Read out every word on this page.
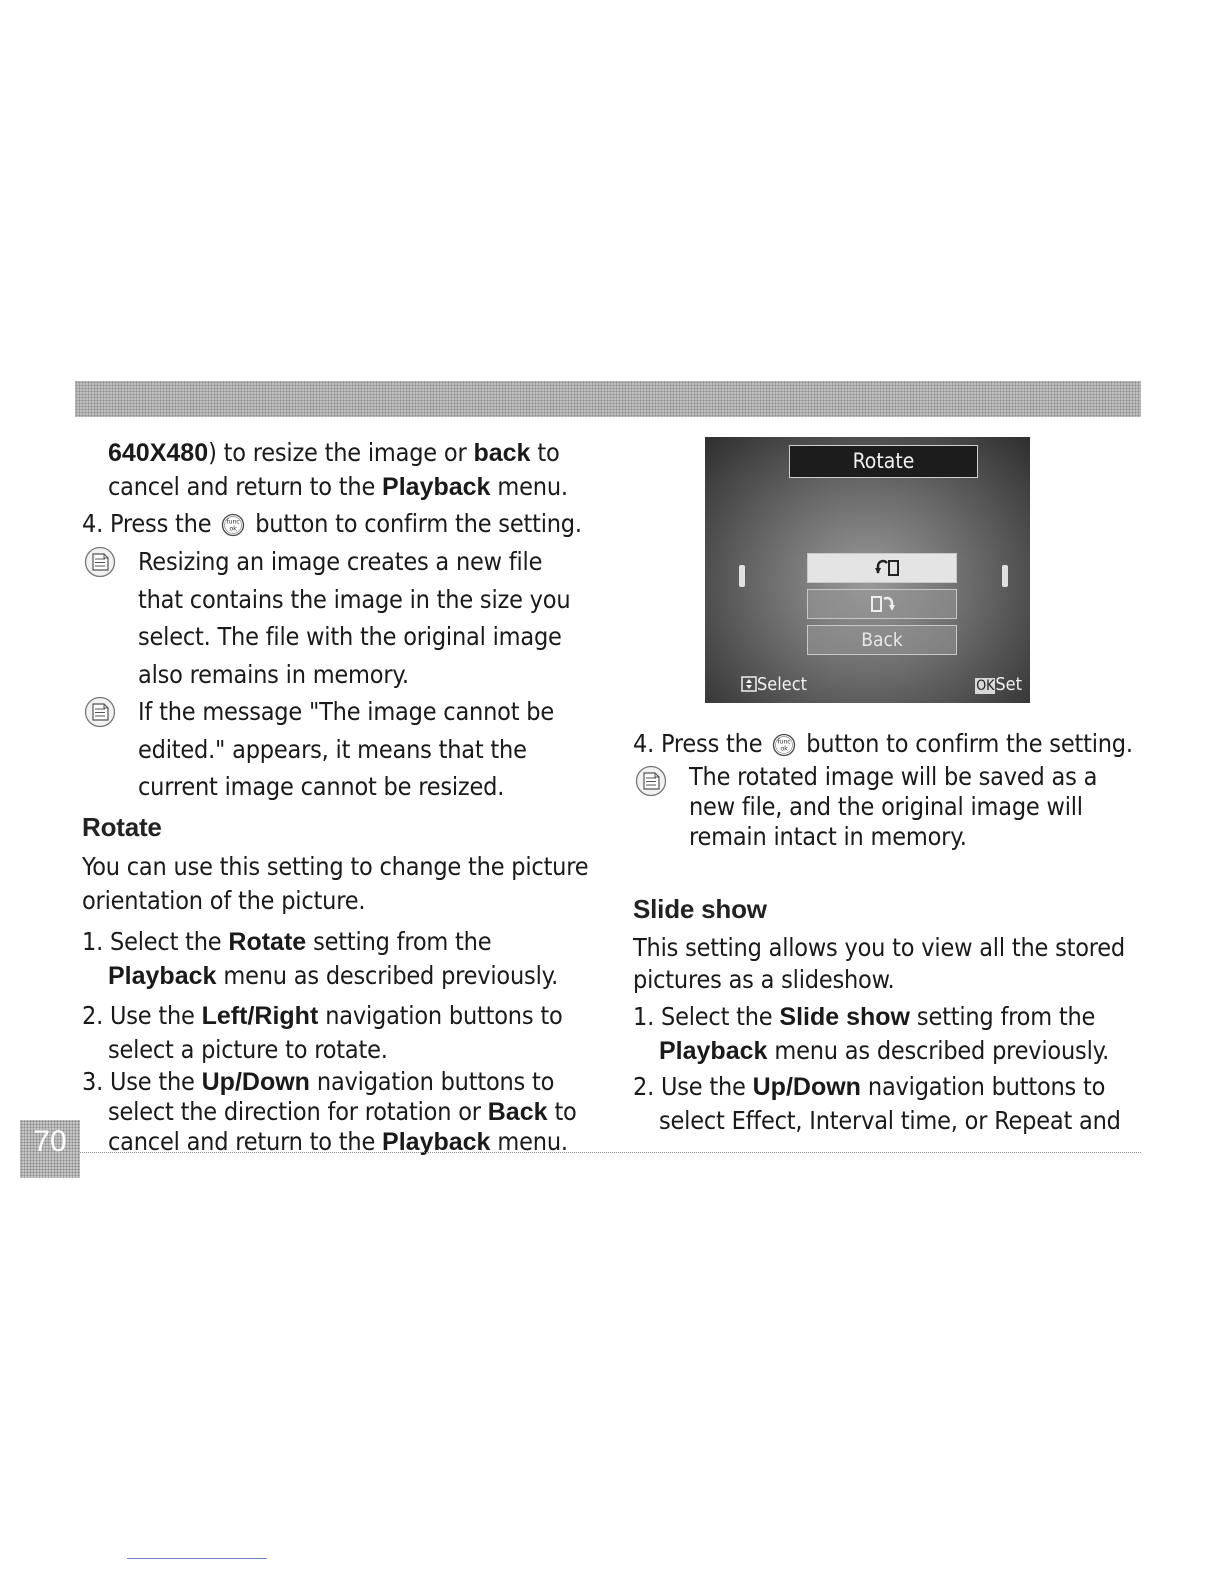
640X480) to resize the image or back to

cancel and return to the Playback menu.

4. Press the  button to confirm the setting.

Resizing an image creates a new file

that contains the image in the size you

select. The file with the original image

also remains in memory.

If the message "The image cannot be

edited." appears, it means that the

current image cannot be resized.

Rotate

You can use this setting to change the picture

orientation of the picture.

1. Select the Rotate setting from the

Playback menu as described previously.

2. Use the Left/Right navigation buttons to

select a picture to rotate.

3. Use the Up/Down navigation buttons to

select the direction for rotation or Back to

cancel and return to the Playback menu.

Rotate
Back
Select	OKSet

4. Press the  button to confirm the setting.

The rotated image will be saved as a

new file, and the original image will

remain intact in memory.

Slide show

This setting allows you to view all the stored

pictures as a slideshow.

1. Select the Slide show setting from the

Playback menu as described previously.

2. Use the Up/Down navigation buttons to

select Effect, Interval time, or Repeat and

70
